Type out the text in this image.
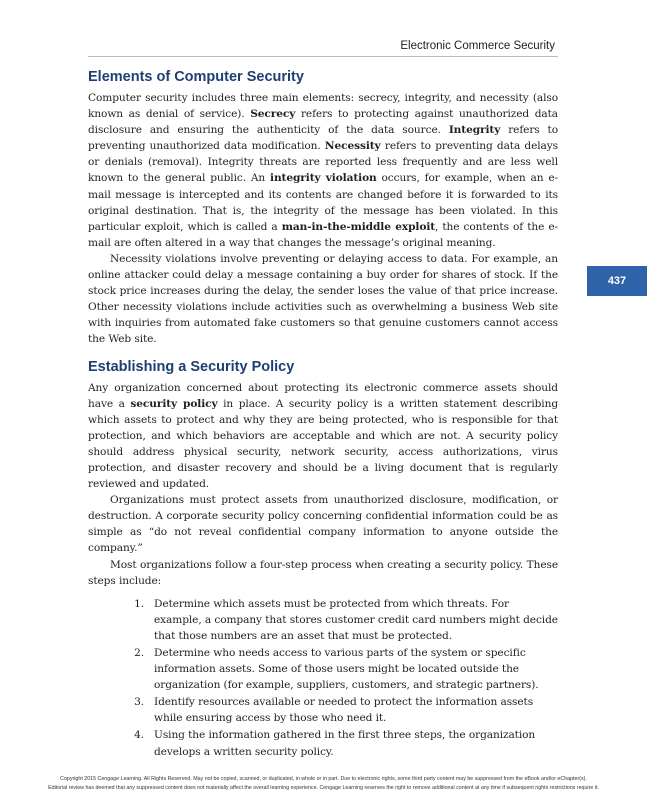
Electronic Commerce Security
437
Elements of Computer Security

Computer security includes three main elements: secrecy, integrity, and necessity (also known as denial of service). Secrecy refers to protecting against unauthorized data disclosure and ensuring the authenticity of the data source. Integrity refers to preventing unauthorized data modification. Necessity refers to preventing data delays or denials (removal). Integrity threats are reported less frequently and are less well known to the general public. An integrity violation occurs, for example, when an e-mail message is intercepted and its contents are changed before it is forwarded to its original destination. That is, the integrity of the message has been violated. In this particular exploit, which is called a man-in-the-middle exploit, the contents of the e-mail are often altered in a way that changes the message’s original meaning.

Necessity violations involve preventing or delaying access to data. For example, an online attacker could delay a message containing a buy order for shares of stock. If the stock price increases during the delay, the sender loses the value of that price increase. Other necessity violations include activities such as overwhelming a business Web site with inquiries from automated fake customers so that genuine customers cannot access the Web site.

Establishing a Security Policy

Any organization concerned about protecting its electronic commerce assets should have a security policy in place. A security policy is a written statement describing which assets to protect and why they are being protected, who is responsible for that protection, and which behaviors are acceptable and which are not. A security policy should address physical security, network security, access authorizations, virus protection, and disaster recovery and should be a living document that is regularly reviewed and updated.

Organizations must protect assets from unauthorized disclosure, modification, or destruction. A corporate security policy concerning confidential information could be as simple as “do not reveal confidential company information to anyone outside the company.”

Most organizations follow a four-step process when creating a security policy. These steps include:

1. Determine which assets must be protected from which threats. For example, a company that stores customer credit card numbers might decide that those numbers are an asset that must be protected.
2. Determine who needs access to various parts of the system or specific information assets. Some of those users might be located outside the organization (for example, suppliers, customers, and strategic partners).
3. Identify resources available or needed to protect the information assets while ensuring access by those who need it.
4. Using the information gathered in the first three steps, the organization develops a written security policy.
Copyright 2015 Cengage Learning. All Rights Reserved. May not be copied, scanned, or duplicated, in whole or in part. Due to electronic rights, some third party content may be suppressed from the eBook and/or eChapter(s).
Editorial review has deemed that any suppressed content does not materially affect the overall learning experience. Cengage Learning reserves the right to remove additional content at any time if subsequent rights restrictions require it.
